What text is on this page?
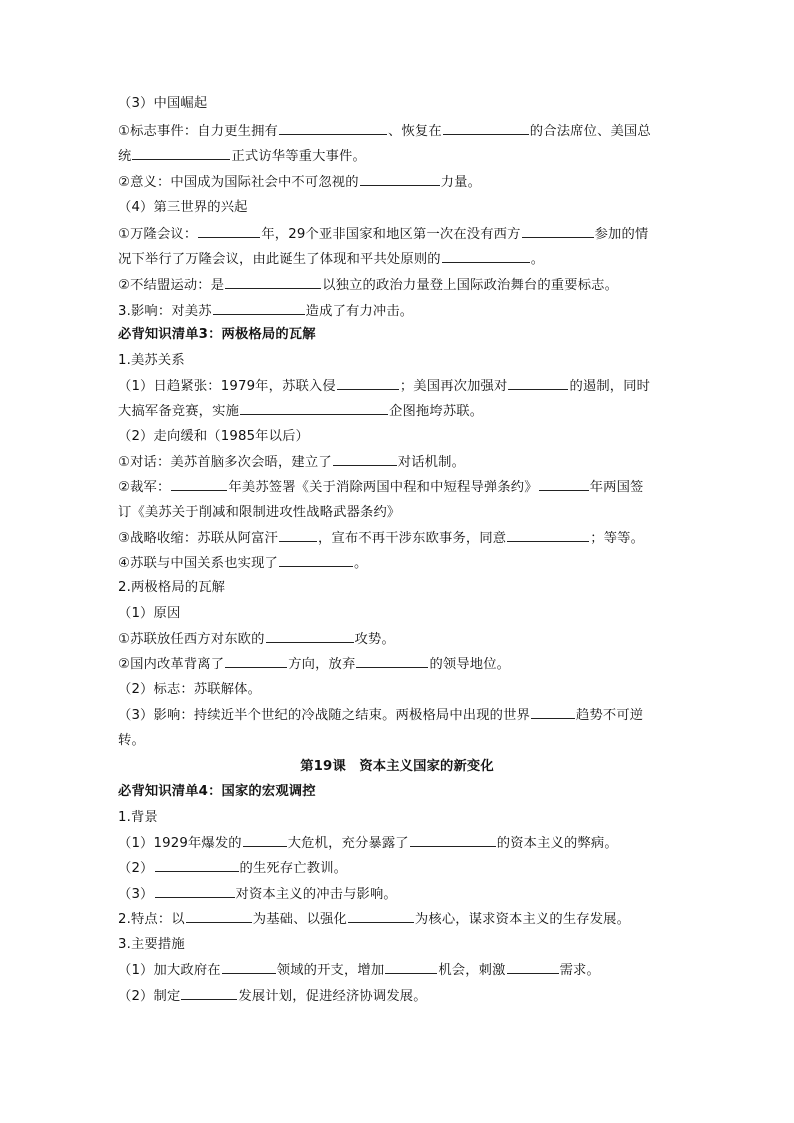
（3）中国崛起
①标志事件：自力更生拥有	、恢复在	的合法席位、美国总
统	正式访华等重大事件。
②意义：中国成为国际社会中不可忽视的	力量。
（4）第三世界的兴起
①万隆会议：	年，29个亚非国家和地区第一次在没有西方	参加的情
况下举行了万隆会议，由此诞生了体现和平共处原则的	。
②不结盟运动：是	以独立的政治力量登上国际政治舞台的重要标志。
3.影响：对美苏	造成了有力冲击。
必背知识清单3：两极格局的瓦解
1.美苏关系
（1）日趋紧张：1979年，苏联入侵	；美国再次加强对	的遏制，同时
大搞军备竞赛，实施	企图拖垮苏联。
（2）走向缓和（1985年以后）
①对话：美苏首脑多次会晤，建立了	对话机制。
②裁军：	年美苏签署《关于消除两国中程和中短程导弹条约》	年两国签
订《美苏关于削减和限制进攻性战略武器条约》
③战略收缩：苏联从阿富汗	，宣布不再干涉东欧事务，同意	；等等。
④苏联与中国关系也实现了	。
2.两极格局的瓦解
（1）原因
①苏联放任西方对东欧的	攻势。
②国内改革背离了	方向，放弃	的领导地位。
（2）标志：苏联解体。
（3）影响：持续近半个世纪的冷战随之结束。两极格局中出现的世界	趋势不可逆
转。
第19课　资本主义国家的新变化
必背知识清单4：国家的宏观调控
1.背景
（1）1929年爆发的	大危机，充分暴露了	的资本主义的弊病。
（2）	的生死存亡教训。
（3）	对资本主义的冲击与影响。
2.特点：以	为基础、以强化	为核心，谋求资本主义的生存发展。
3.主要措施
（1）加大政府在	领域的开支，增加	机会，刺激	需求。
（2）制定	发展计划，促进经济协调发展。
